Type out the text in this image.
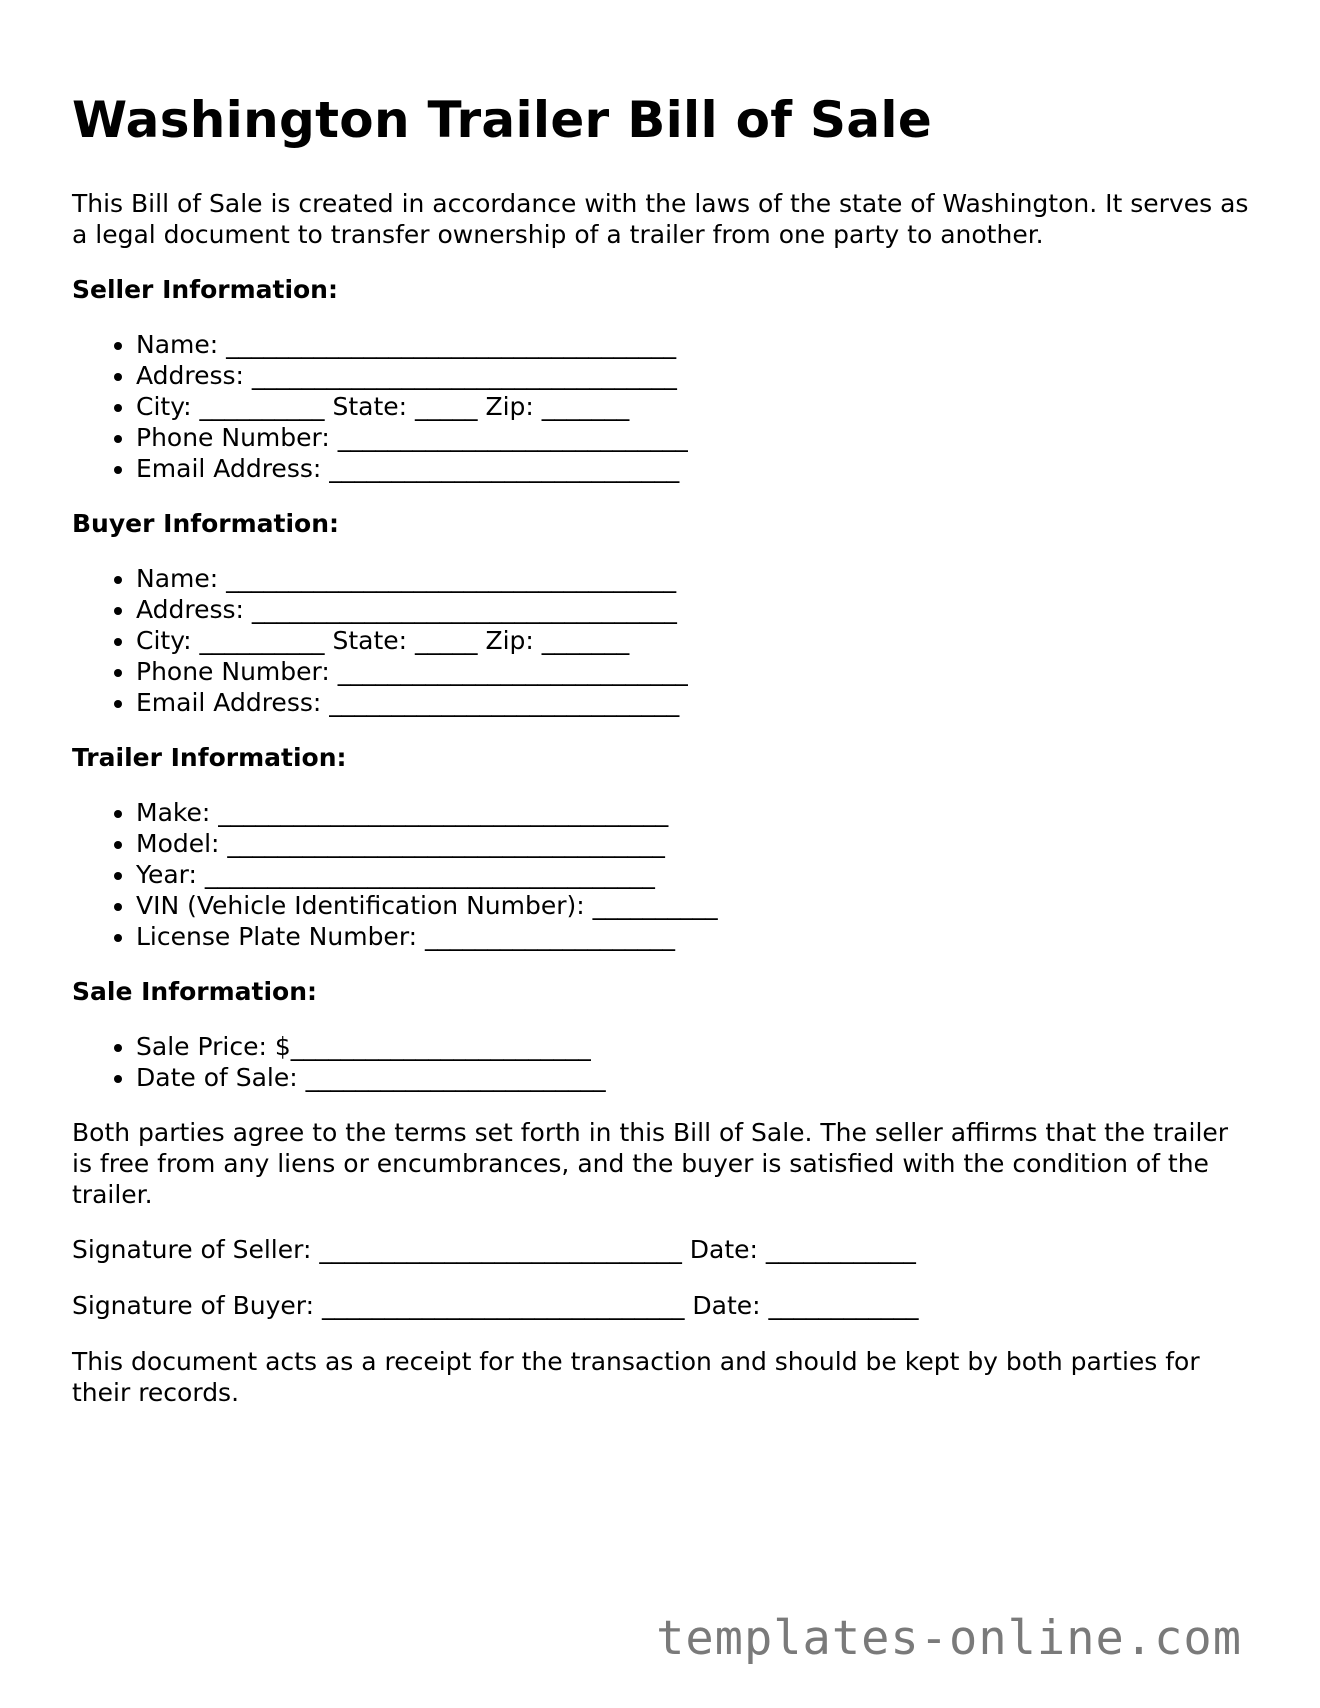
Washington Trailer Bill of Sale

This Bill of Sale is created in accordance with the laws of the state of Washington. It serves as a legal document to transfer ownership of a trailer from one party to another.

Seller Information:
• Name: ____________________________________
• Address: __________________________________
• City: __________ State: _____ Zip: _______
• Phone Number: ____________________________
• Email Address: ____________________________
Buyer Information:
• Name: ____________________________________
• Address: __________________________________
• City: __________ State: _____ Zip: _______
• Phone Number: ____________________________
• Email Address: ____________________________
Trailer Information:
• Make: ____________________________________
• Model: ___________________________________
• Year: ____________________________________
• VIN (Vehicle Identification Number): __________
• License Plate Number: ____________________
Sale Information:
• Sale Price: $________________________
• Date of Sale: ________________________

Both parties agree to the terms set forth in this Bill of Sale. The seller affirms that the trailer is free from any liens or encumbrances, and the buyer is satisfied with the condition of the trailer.

Signature of Seller: _____________________________ Date: ____________
Signature of Buyer: _____________________________ Date: ____________

This document acts as a receipt for the transaction and should be kept by both parties for their records.

templates-online.com
